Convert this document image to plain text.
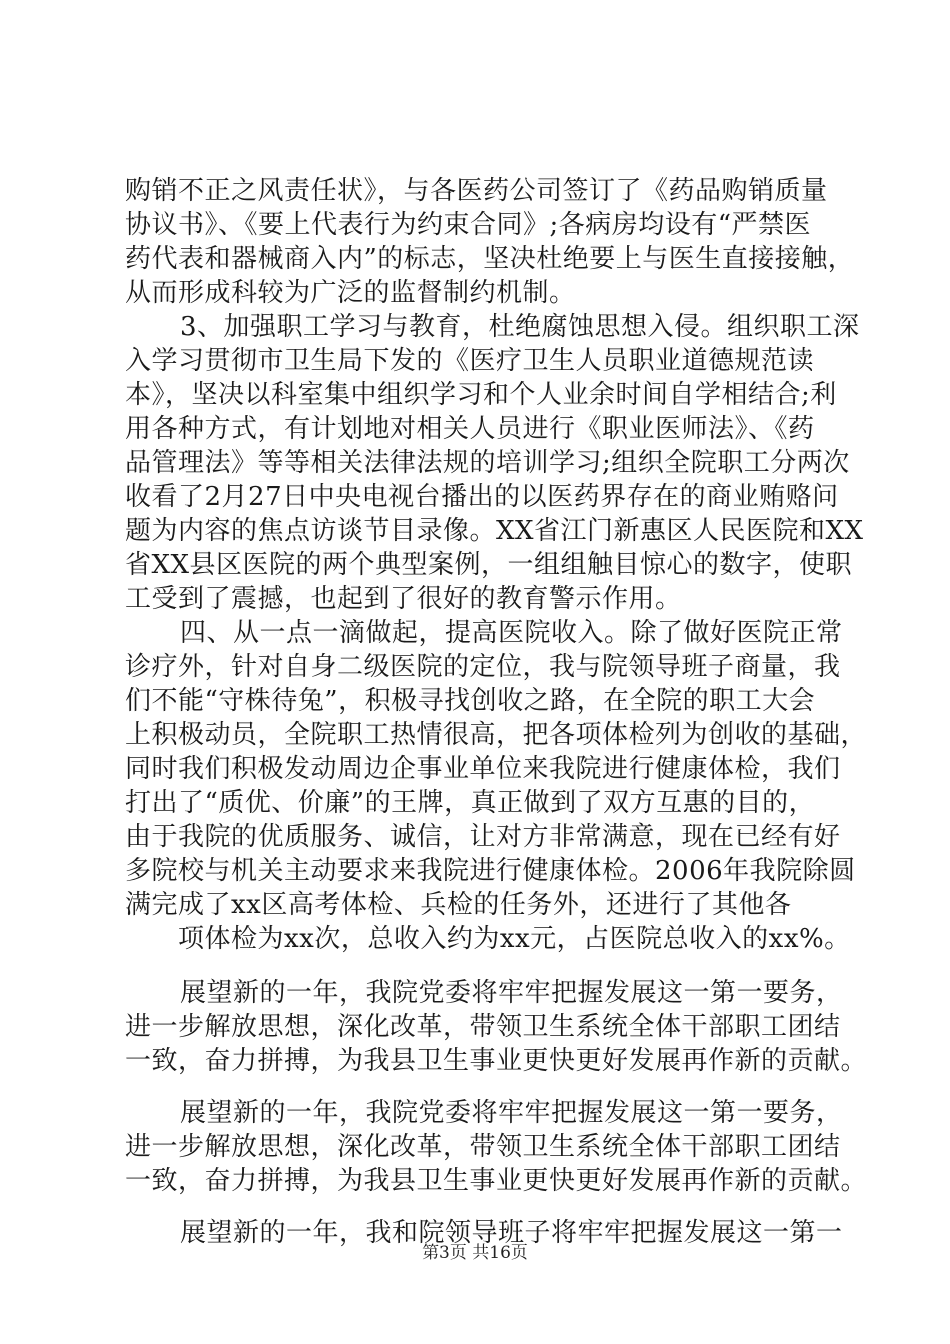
购销不正之风责任状》，与各医药公司签订了《药品购销质量
协议书》、《要上代表行为约束合同》;各病房均设有“严禁医
药代表和器械商入内”的标志，坚决杜绝要上与医生直接接触，
从而形成科较为广泛的监督制约机制。
3、加强职工学习与教育，杜绝腐蚀思想入侵。组织职工深
入学习贯彻市卫生局下发的《医疗卫生人员职业道德规范读
本》，坚决以科室集中组织学习和个人业余时间自学相结合;利
用各种方式，有计划地对相关人员进行《职业医师法》、《药
品管理法》等等相关法律法规的培训学习;组织全院职工分两次
收看了2月27日中央电视台播出的以医药界存在的商业贿赂问
题为内容的焦点访谈节目录像。XX省江门新惠区人民医院和XX
省XX县区医院的两个典型案例，一组组触目惊心的数字，使职
工受到了震撼，也起到了很好的教育警示作用。
四、从一点一滴做起，提高医院收入。除了做好医院正常
诊疗外，针对自身二级医院的定位，我与院领导班子商量，我
们不能“守株待兔”，积极寻找创收之路，在全院的职工大会
上积极动员，全院职工热情很高，把各项体检列为创收的基础，
同时我们积极发动周边企事业单位来我院进行健康体检，我们
打出了“质优、价廉”的王牌，真正做到了双方互惠的目的，
由于我院的优质服务、诚信，让对方非常满意，现在已经有好
多院校与机关主动要求来我院进行健康体检。2006年我院除圆
满完成了xx区高考体检、兵检的任务外，还进行了其他各
项体检为xx次，总收入约为xx元，占医院总收入的xx%。
展望新的一年，我院党委将牢牢把握发展这一第一要务，
进一步解放思想，深化改革，带领卫生系统全体干部职工团结
一致，奋力拼搏，为我县卫生事业更快更好发展再作新的贡献。
展望新的一年，我院党委将牢牢把握发展这一第一要务，
进一步解放思想，深化改革，带领卫生系统全体干部职工团结
一致，奋力拼搏，为我县卫生事业更快更好发展再作新的贡献。
展望新的一年，我和院领导班子将牢牢把握发展这一第一
第3页 共16页
